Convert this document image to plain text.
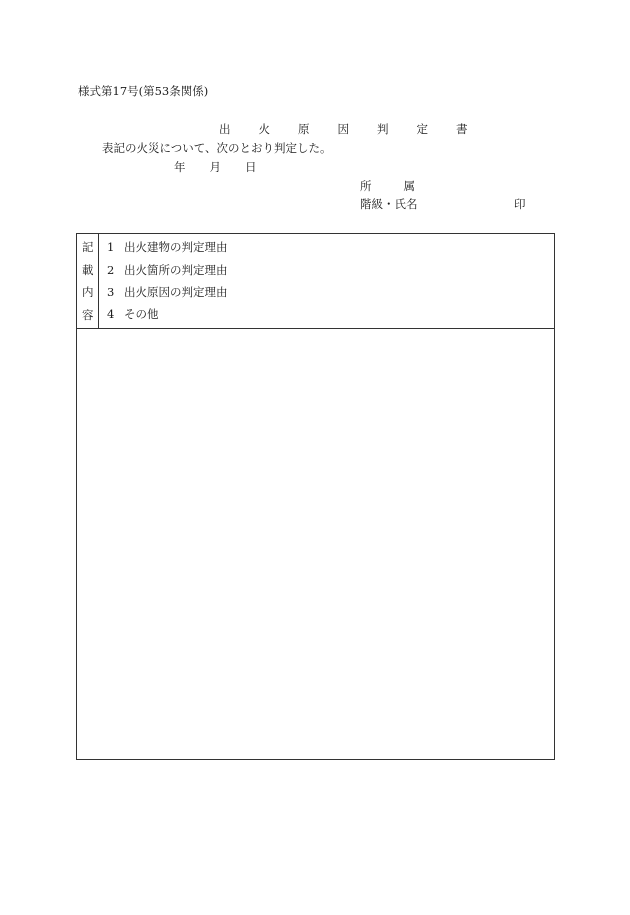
様式第17号(第53条関係)
出 火 原 因 判 定 書
表記の火災について、次のとおり判定した。
年 月 日
所	属
階級・氏名	印
記
載
内
容
1 出火建物の判定理由
2 出火箇所の判定理由
3 出火原因の判定理由
4 その他
